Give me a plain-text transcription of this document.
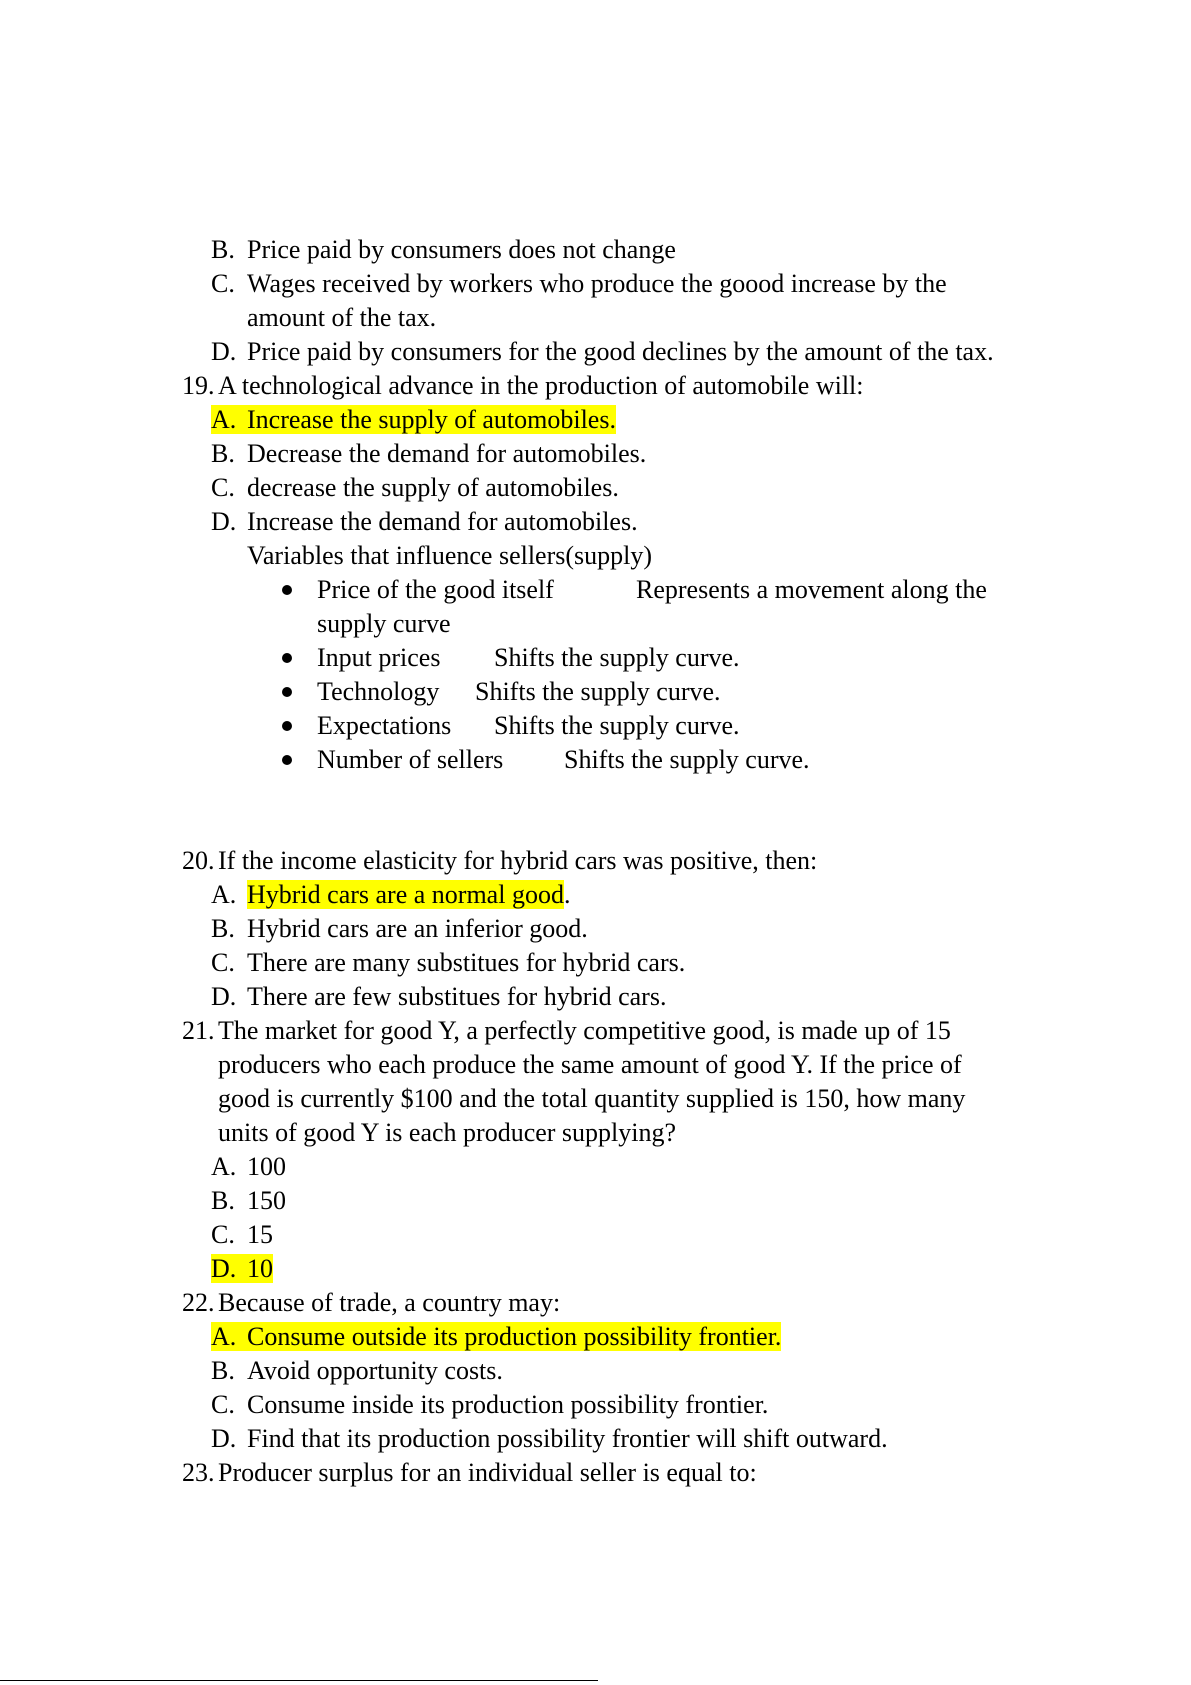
B. Price paid by consumers does not change
C. Wages received by workers who produce the goood increase by the
amount of the tax.
D. Price paid by consumers for the good declines by the amount of the tax.
19. A technological advance in the production of automobile will:
A. Increase the supply of automobiles.
B. Decrease the demand for automobiles.
C. decrease the supply of automobiles.
D. Increase the demand for automobiles.
Variables that influence sellers(supply)
Price of the good itself	Represents a movement along the
supply curve
Input prices Shifts the supply curve.
Technology Shifts the supply curve.
Expectations Shifts the supply curve.
Number of sellers Shifts the supply curve.
20. If the income elasticity for hybrid cars was positive, then:
A. Hybrid cars are a normal good.
B. Hybrid cars are an inferior good.
C. There are many substitues for hybrid cars.
D. There are few substitues for hybrid cars.
21. The market for good Y, a perfectly competitive good, is made up of 15
producers who each produce the same amount of good Y. If the price of
good is currently $100 and the total quantity supplied is 150, how many
units of good Y is each producer supplying?
A. 100
B. 150
C. 15
D. 10
22. Because of trade, a country may:
A. Consume outside its production possibility frontier.
B. Avoid opportunity costs.
C. Consume inside its production possibility frontier.
D. Find that its production possibility frontier will shift outward.
23. Producer surplus for an individual seller is equal to:
